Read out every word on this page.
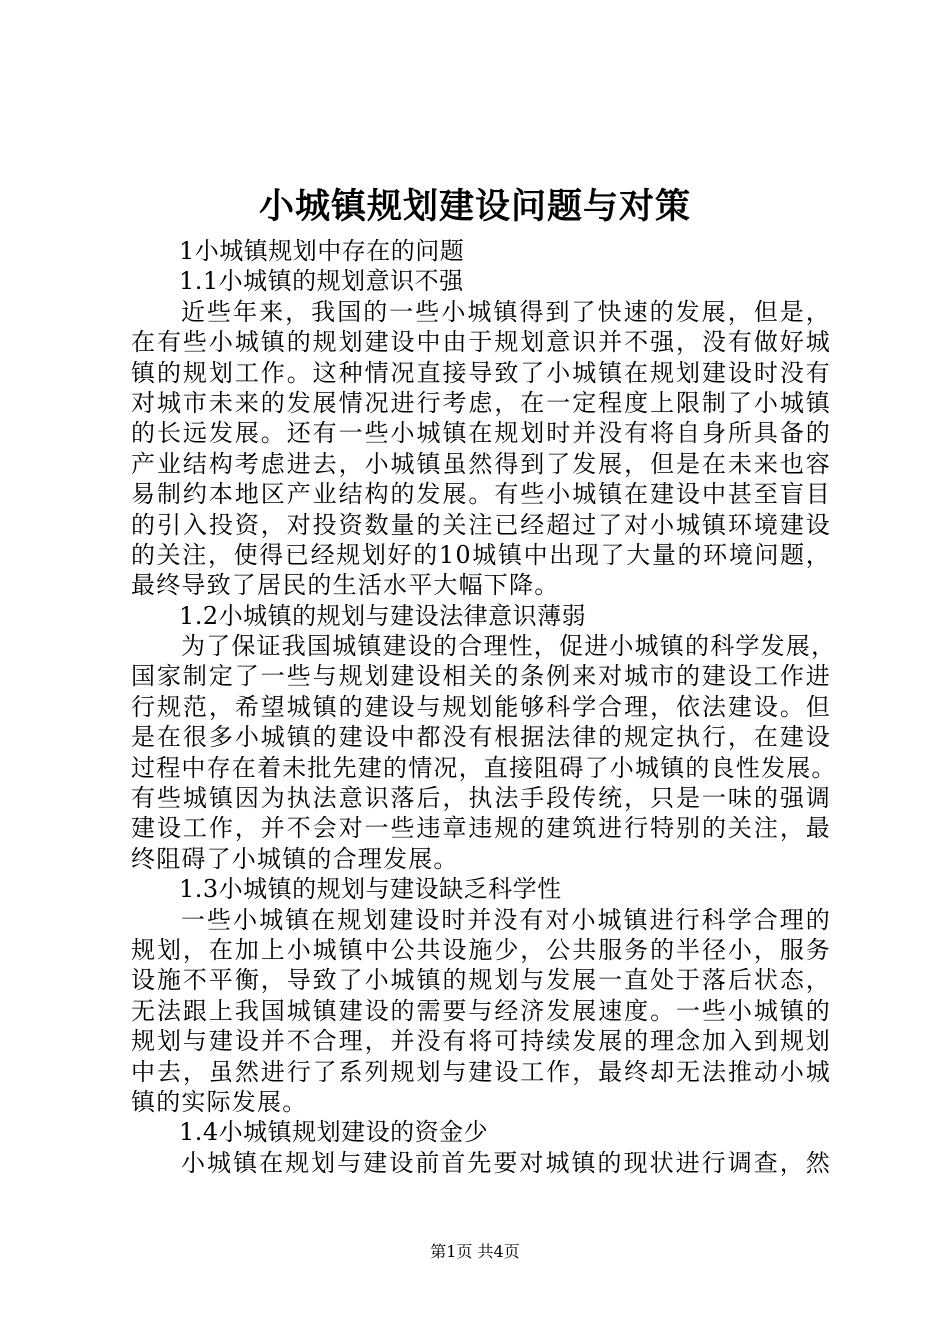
小城镇规划建设问题与对策
1小城镇规划中存在的问题
1.1小城镇的规划意识不强
近些年来，我国的一些小城镇得到了快速的发展，但是，
在有些小城镇的规划建设中由于规划意识并不强，没有做好城
镇的规划工作。这种情况直接导致了小城镇在规划建设时没有
对城市未来的发展情况进行考虑，在一定程度上限制了小城镇
的长远发展。还有一些小城镇在规划时并没有将自身所具备的
产业结构考虑进去，小城镇虽然得到了发展，但是在未来也容
易制约本地区产业结构的发展。有些小城镇在建设中甚至盲目
的引入投资，对投资数量的关注已经超过了对小城镇环境建设
的关注，使得已经规划好的10城镇中出现了大量的环境问题，
最终导致了居民的生活水平大幅下降。
1.2小城镇的规划与建设法律意识薄弱
为了保证我国城镇建设的合理性，促进小城镇的科学发展，
国家制定了一些与规划建设相关的条例来对城市的建设工作进
行规范，希望城镇的建设与规划能够科学合理，依法建设。但
是在很多小城镇的建设中都没有根据法律的规定执行，在建设
过程中存在着未批先建的情况，直接阻碍了小城镇的良性发展。
有些城镇因为执法意识落后，执法手段传统，只是一味的强调
建设工作，并不会对一些违章违规的建筑进行特别的关注，最
终阻碍了小城镇的合理发展。
1.3小城镇的规划与建设缺乏科学性
一些小城镇在规划建设时并没有对小城镇进行科学合理的
规划，在加上小城镇中公共设施少，公共服务的半径小，服务
设施不平衡，导致了小城镇的规划与发展一直处于落后状态，
无法跟上我国城镇建设的需要与经济发展速度。一些小城镇的
规划与建设并不合理，并没有将可持续发展的理念加入到规划
中去，虽然进行了系列规划与建设工作，最终却无法推动小城
镇的实际发展。
1.4小城镇规划建设的资金少
小城镇在规划与建设前首先要对城镇的现状进行调查，然
第1页 共4页
